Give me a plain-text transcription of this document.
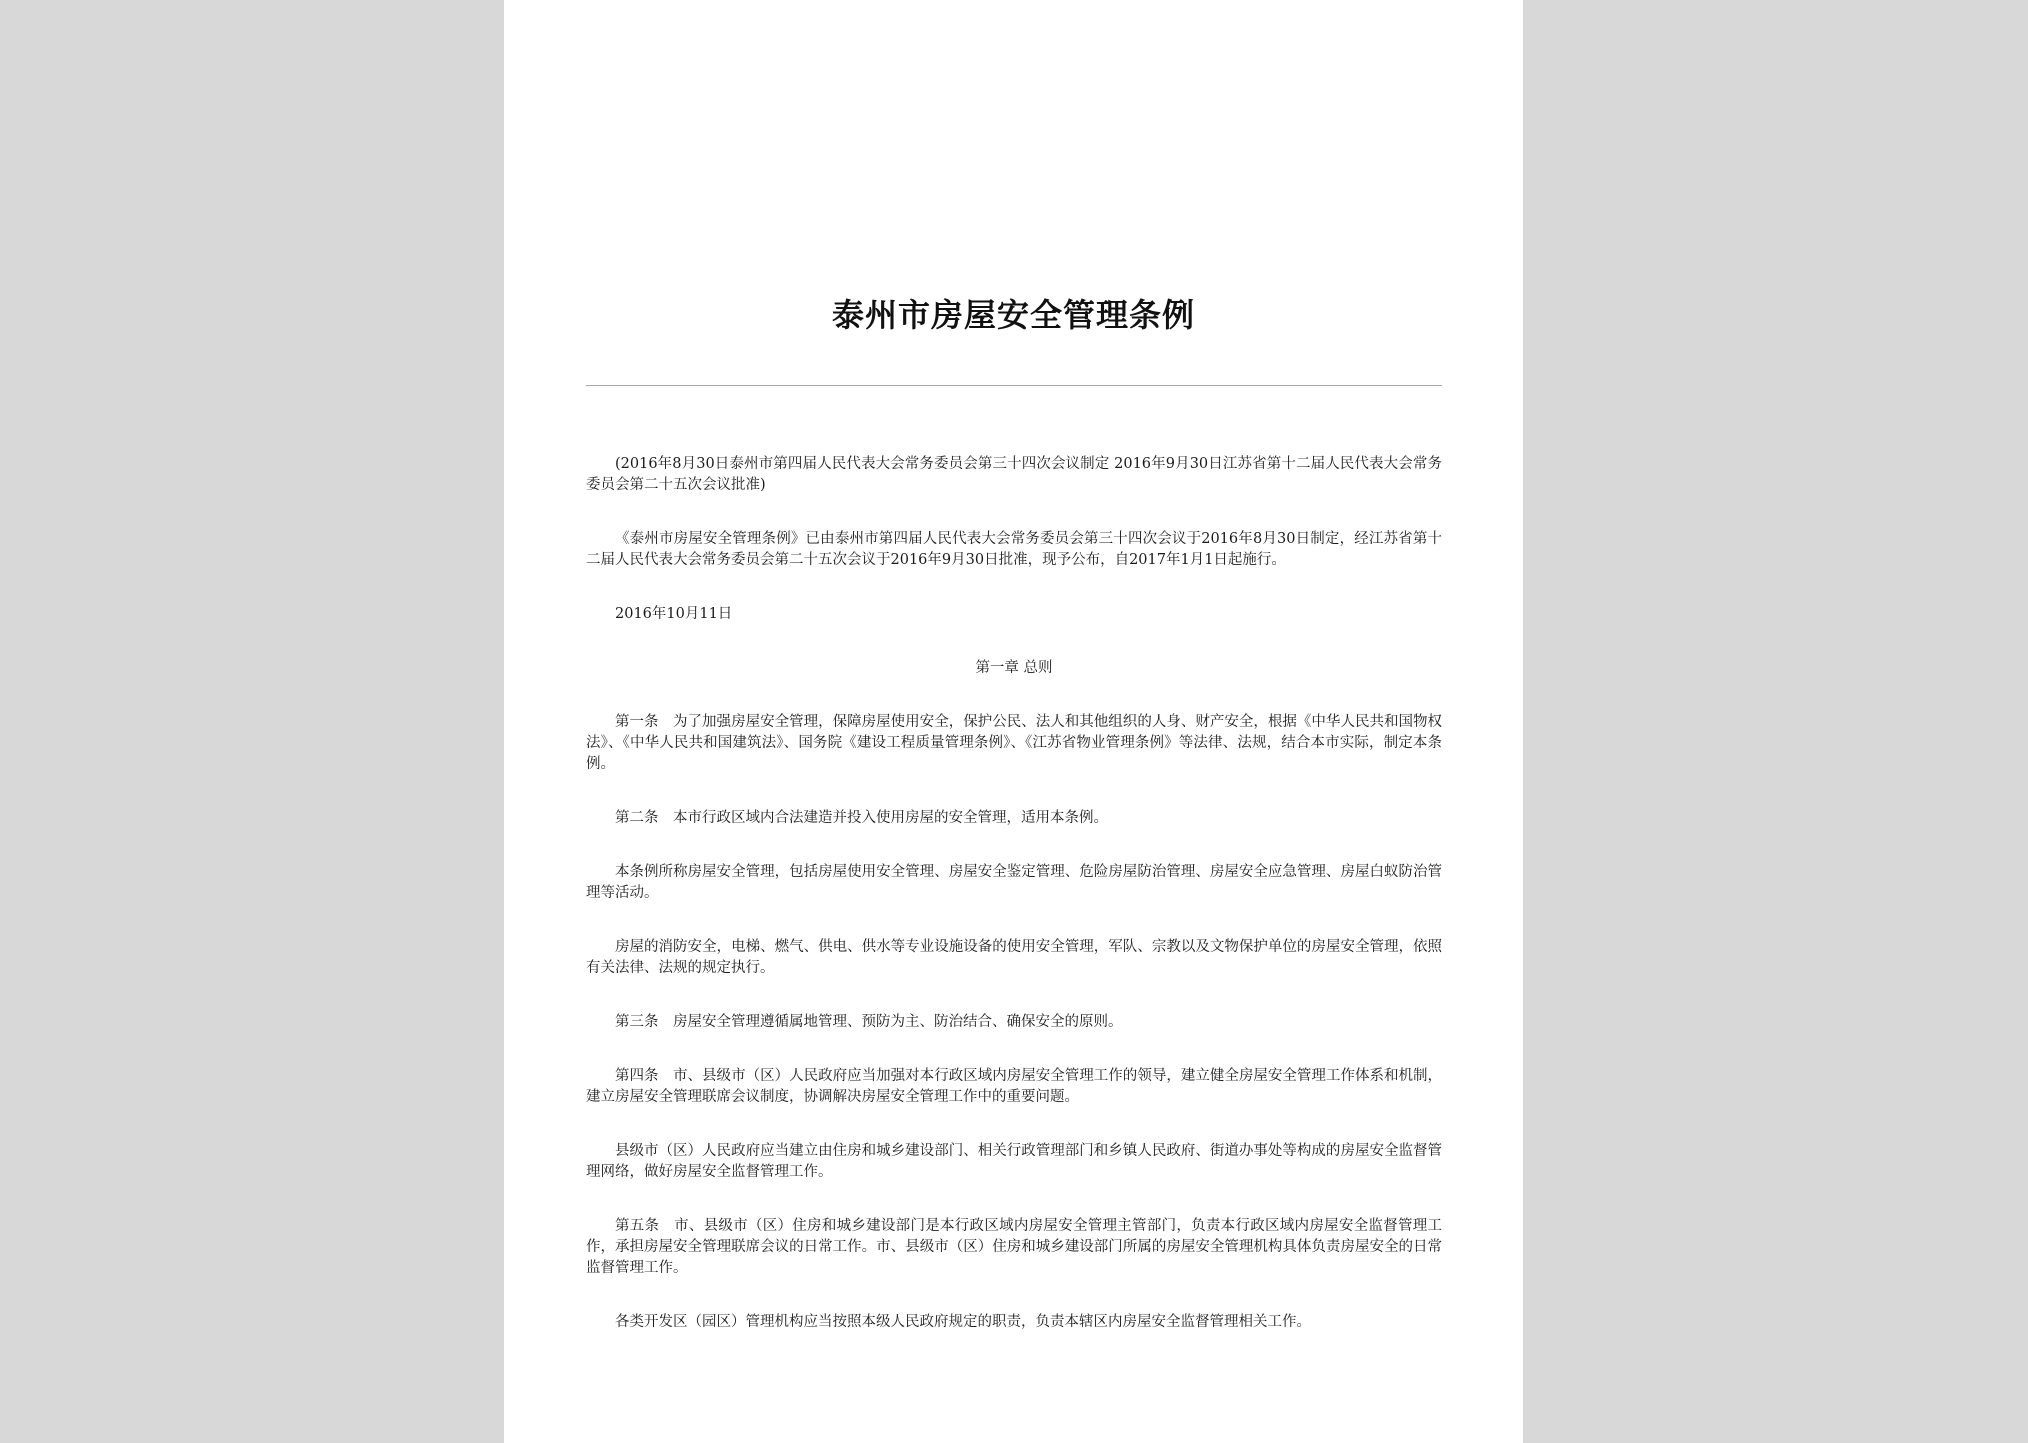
泰州市房屋安全管理条例

(2016年8月30日泰州市第四届人民代表大会常务委员会第三十四次会议制定 2016年9月30日江苏省第十二届人民代表大会常务委员会第二十五次会议批准)

《泰州市房屋安全管理条例》已由泰州市第四届人民代表大会常务委员会第三十四次会议于2016年8月30日制定，经江苏省第十二届人民代表大会常务委员会第二十五次会议于2016年9月30日批准，现予公布，自2017年1月1日起施行。

2016年10月11日

第一章 总则

第一条　为了加强房屋安全管理，保障房屋使用安全，保护公民、法人和其他组织的人身、财产安全，根据《中华人民共和国物权法》、《中华人民共和国建筑法》、国务院《建设工程质量管理条例》、《江苏省物业管理条例》等法律、法规，结合本市实际，制定本条例。

第二条　本市行政区域内合法建造并投入使用房屋的安全管理，适用本条例。

本条例所称房屋安全管理，包括房屋使用安全管理、房屋安全鉴定管理、危险房屋防治管理、房屋安全应急管理、房屋白蚁防治管理等活动。

房屋的消防安全，电梯、燃气、供电、供水等专业设施设备的使用安全管理，军队、宗教以及文物保护单位的房屋安全管理，依照有关法律、法规的规定执行。

第三条　房屋安全管理遵循属地管理、预防为主、防治结合、确保安全的原则。

第四条　市、县级市（区）人民政府应当加强对本行政区域内房屋安全管理工作的领导，建立健全房屋安全管理工作体系和机制，建立房屋安全管理联席会议制度，协调解决房屋安全管理工作中的重要问题。

县级市（区）人民政府应当建立由住房和城乡建设部门、相关行政管理部门和乡镇人民政府、街道办事处等构成的房屋安全监督管理网络，做好房屋安全监督管理工作。

第五条　市、县级市（区）住房和城乡建设部门是本行政区域内房屋安全管理主管部门，负责本行政区域内房屋安全监督管理工作，承担房屋安全管理联席会议的日常工作。市、县级市（区）住房和城乡建设部门所属的房屋安全管理机构具体负责房屋安全的日常监督管理工作。

各类开发区（园区）管理机构应当按照本级人民政府规定的职责，负责本辖区内房屋安全监督管理相关工作。
